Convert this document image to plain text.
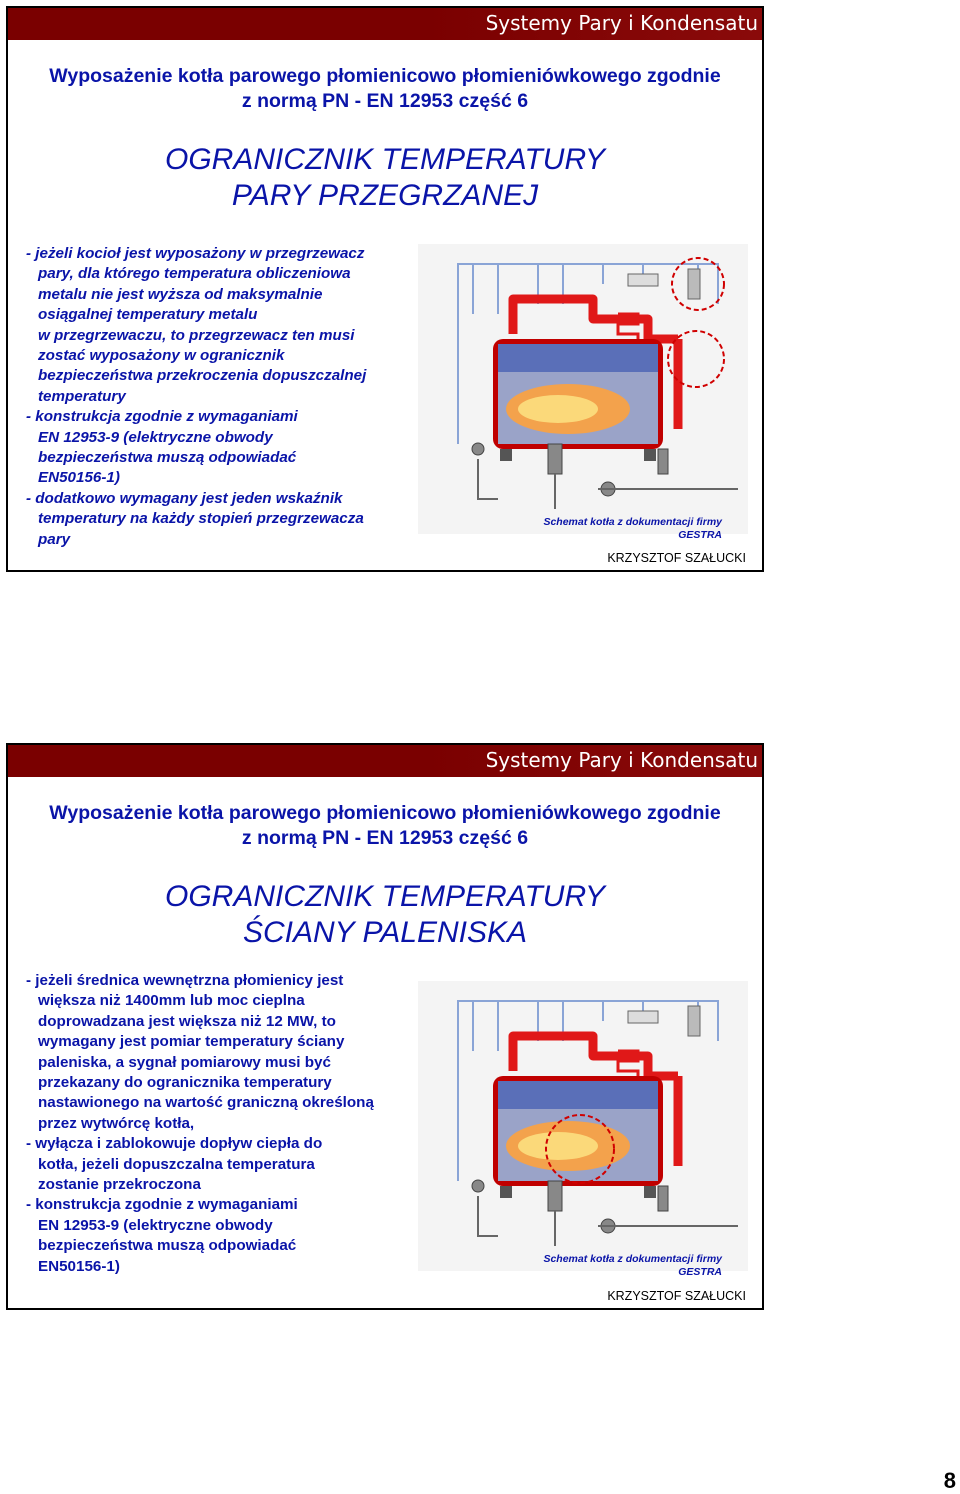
Systemy Pary i Kondensatu
Wyposażenie kotła parowego płomienicowo płomieniówkowego zgodnie
z normą PN - EN 12953 część 6
OGRANICZNIK TEMPERATURY
PARY PRZEGRZANEJ
- jeżeli kocioł jest wyposażony w przegrzewacz
pary, dla którego temperatura obliczeniowa
metalu nie jest wyższa od maksymalnie
osiągalnej temperatury metalu
w przegrzewaczu, to przegrzewacz ten musi
zostać wyposażony w ogranicznik
bezpieczeństwa przekroczenia dopuszczalnej
temperatury
- konstrukcja zgodnie z wymaganiami
EN 12953-9 (elektryczne obwody
bezpieczeństwa muszą odpowiadać
EN50156-1)
- dodatkowo wymagany jest jeden wskaźnik
temperatury na każdy stopień przegrzewacza
pary
Schemat kotła z dokumentacji firmy
GESTRA
KRZYSZTOF SZAŁUCKI
Systemy Pary i Kondensatu
Wyposażenie kotła parowego płomienicowo płomieniówkowego zgodnie
z normą PN - EN 12953 część 6
OGRANICZNIK TEMPERATURY
ŚCIANY PALENISKA
- jeżeli średnica wewnętrzna płomienicy jest
większa niż 1400mm lub moc cieplna
doprowadzana jest większa niż 12 MW, to
wymagany jest pomiar temperatury ściany
paleniska, a sygnał pomiarowy musi być
przekazany do ogranicznika temperatury
nastawionego na wartość graniczną określoną
przez wytwórcę kotła,
- wyłącza i zablokowuje dopływ ciepła do
kotła, jeżeli dopuszczalna temperatura
zostanie przekroczona
- konstrukcja zgodnie z wymaganiami
EN 12953-9 (elektryczne obwody
bezpieczeństwa muszą odpowiadać
EN50156-1)	Schemat kotła z dokumentacji firmy
GESTRA
KRZYSZTOF SZAŁUCKI
8
